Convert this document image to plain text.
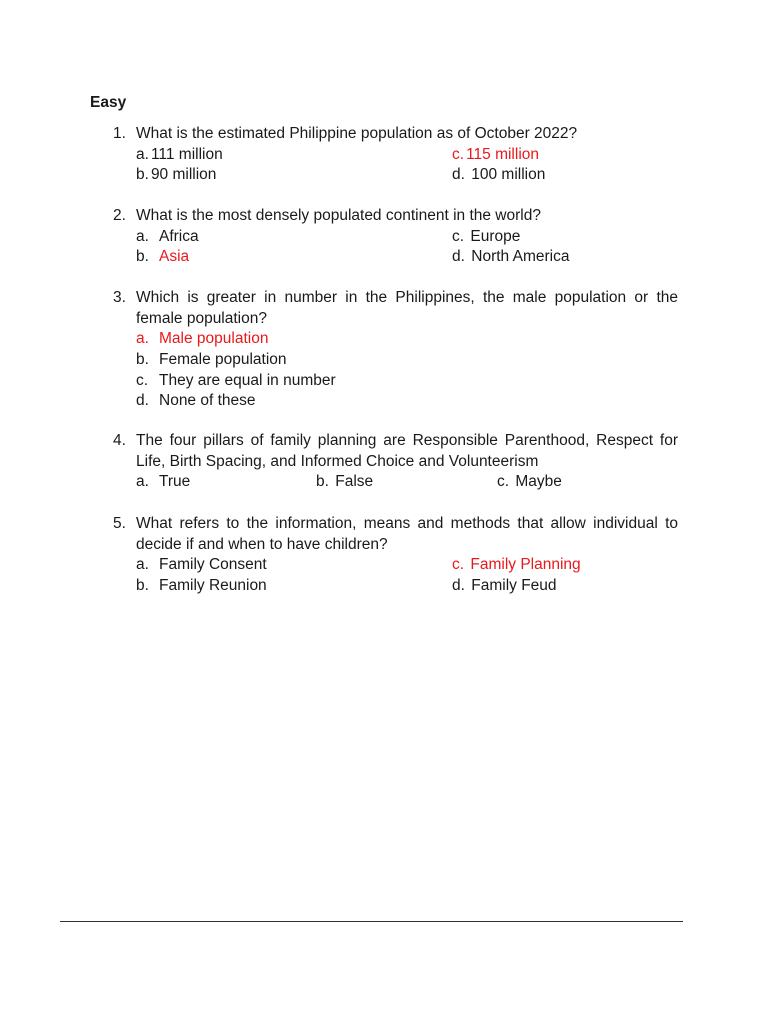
Easy
1. What is the estimated Philippine population as of October 2022?
a. 111 million	c. 115 million
b. 90 million	d. 100 million
2. What is the most densely populated continent in the world?
a. Africa	c. Europe
b. Asia	d. North America
3. Which is greater in number in the Philippines, the male population or the female population?
a. Male population
b. Female population
c. They are equal in number
d. None of these
4. The four pillars of family planning are Responsible Parenthood, Respect for Life, Birth Spacing, and Informed Choice and Volunteerism
a. True	b. False	c. Maybe
5. What refers to the information, means and methods that allow individual to decide if and when to have children?
a. Family Consent	c. Family Planning
b. Family Reunion	d. Family Feud
